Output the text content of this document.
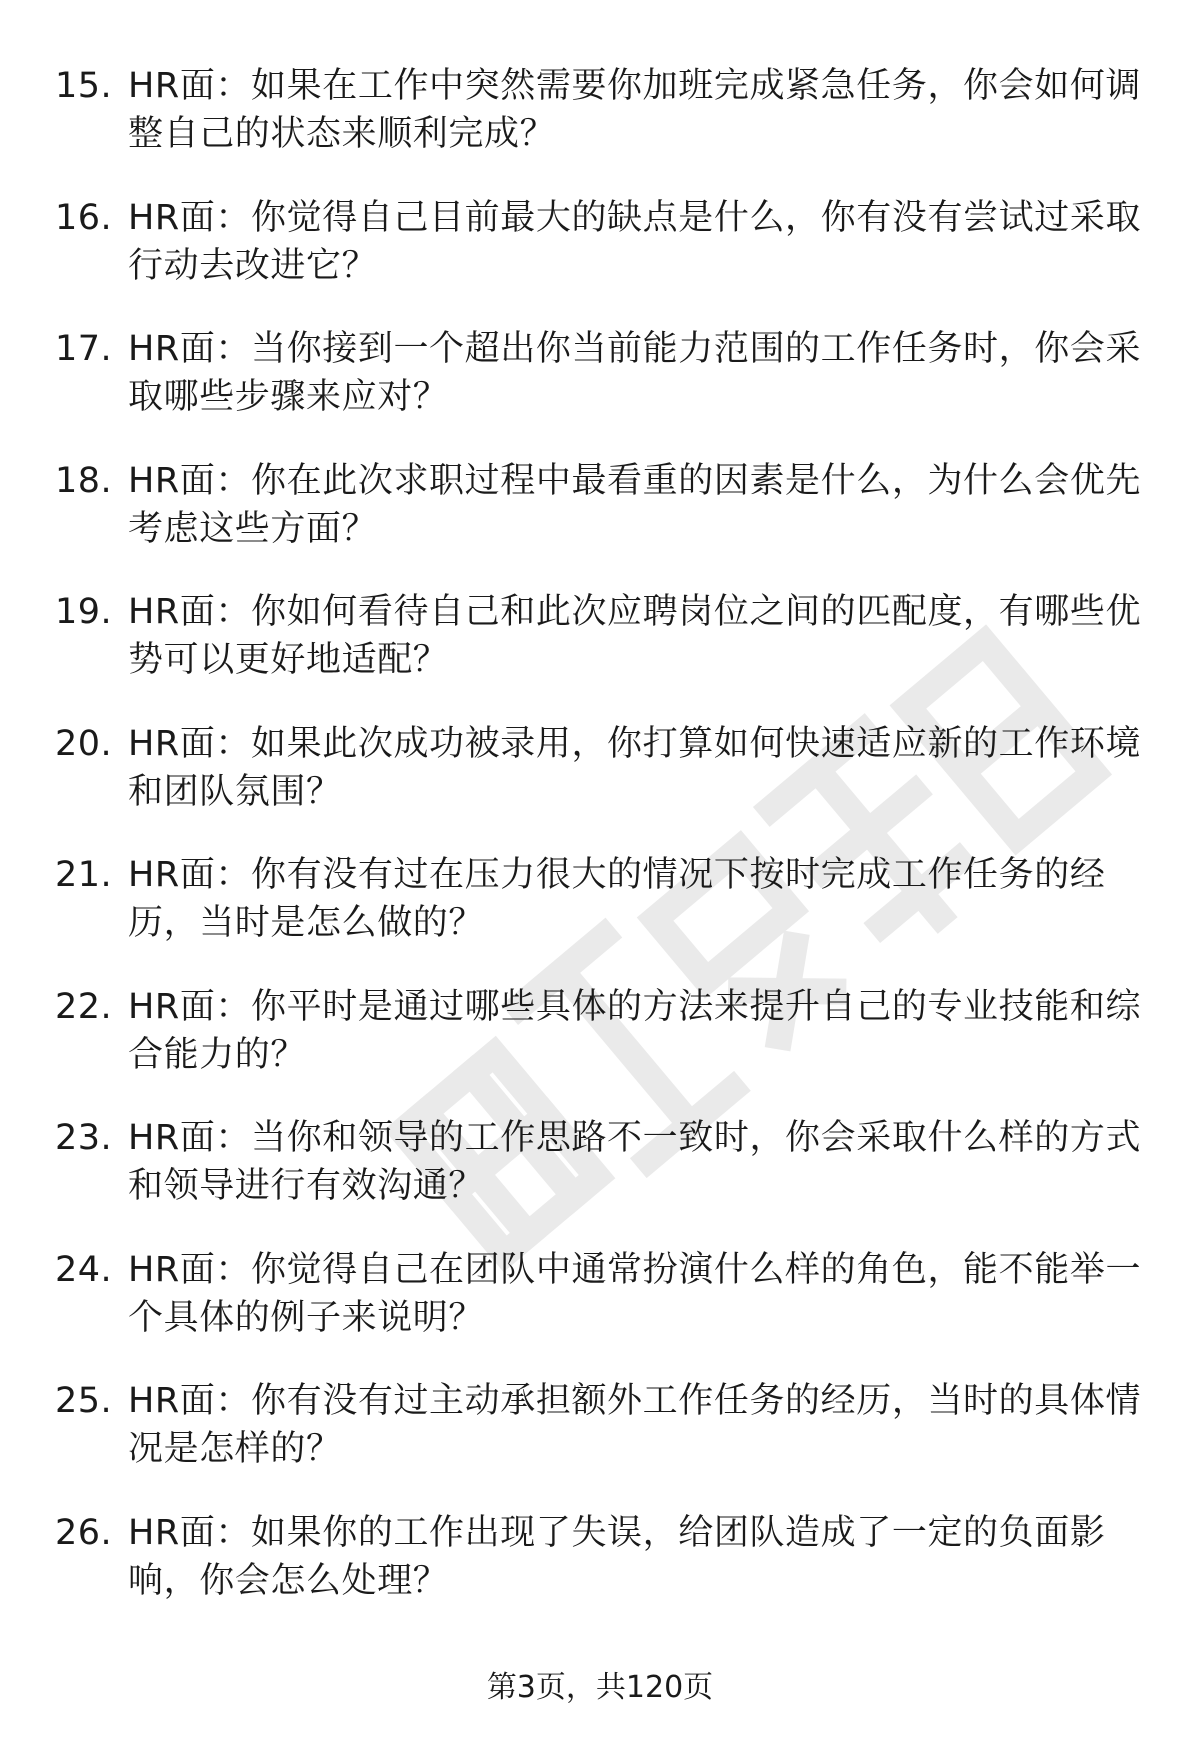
15. HR面：如果在工作中突然需要你加班完成紧急任务，你会如何调整自己的状态来顺利完成？
16. HR面：你觉得自己目前最大的缺点是什么，你有没有尝试过采取行动去改进它？
17. HR面：当你接到一个超出你当前能力范围的工作任务时，你会采取哪些步骤来应对？
18. HR面：你在此次求职过程中最看重的因素是什么，为什么会优先考虑这些方面？
19. HR面：你如何看待自己和此次应聘岗位之间的匹配度，有哪些优势可以更好地适配？
20. HR面：如果此次成功被录用，你打算如何快速适应新的工作环境和团队氛围？
21. HR面：你有没有过在压力很大的情况下按时完成工作任务的经历，当时是怎么做的？
22. HR面：你平时是通过哪些具体的方法来提升自己的专业技能和综合能力的？
23. HR面：当你和领导的工作思路不一致时，你会采取什么样的方式和领导进行有效沟通？
24. HR面：你觉得自己在团队中通常扮演什么样的角色，能不能举一个具体的例子来说明？
25. HR面：你有没有过主动承担额外工作任务的经历，当时的具体情况是怎样的？
26. HR面：如果你的工作出现了失误，给团队造成了一定的负面影响，你会怎么处理？
第3页，共120页
